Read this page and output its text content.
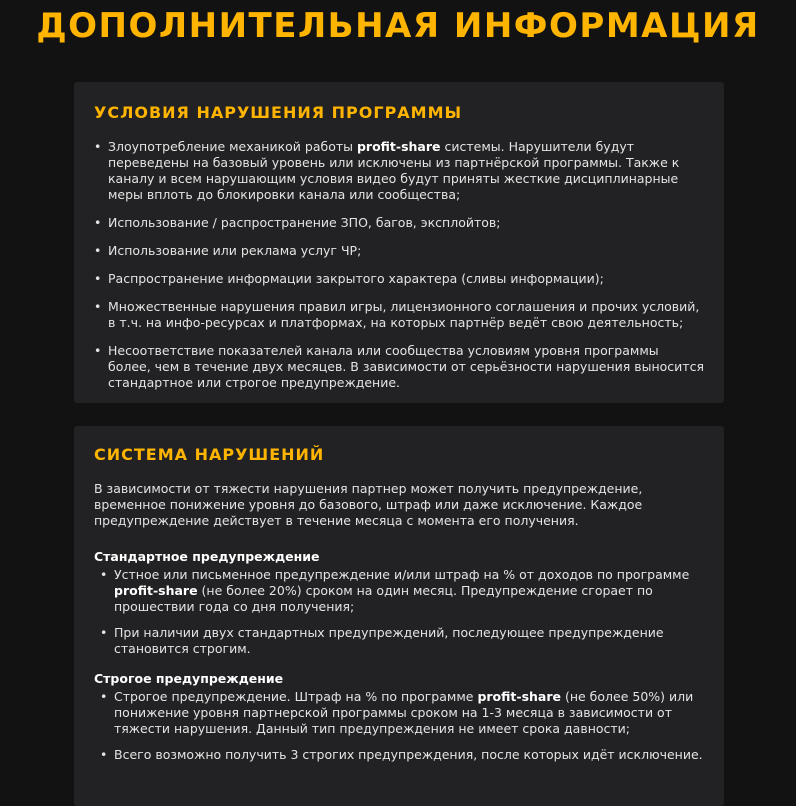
ДОПОЛНИТЕЛЬНАЯ ИНФОРМАЦИЯ
УСЛОВИЯ НАРУШЕНИЯ ПРОГРАММЫ
• Злоупотребление механикой работы profit-share системы. Нарушители будут переведены на базовый уровень или исключены из партнёрской программы. Также к каналу и всем нарушающим условия видео будут приняты жесткие дисциплинарные меры вплоть до блокировки канала или сообщества;
• Использование / распространение ЗПО, багов, эксплойтов;
• Использование или реклама услуг ЧР;
• Распространение информации закрытого характера (сливы информации);
• Множественные нарушения правил игры, лицензионного соглашения и прочих условий, в т.ч. на инфо-ресурсах и платформах, на которых партнёр ведёт свою деятельность;
• Несоответствие показателей канала или сообщества условиям уровня программы более, чем в течение двух месяцев. В зависимости от серьёзности нарушения выносится стандартное или строгое предупреждение.
СИСТЕМА НАРУШЕНИЙ

В зависимости от тяжести нарушения партнер может получить предупреждение, временное понижение уровня до базового, штраф или даже исключение. Каждое предупреждение действует в течение месяца с момента его получения.

Стандартное предупреждение

• Устное или письменное предупреждение и/или штраф на % от доходов по программе profit-share (не более 20%) сроком на один месяц. Предупреждение сгорает по прошествии года со дня получения;
• При наличии двух стандартных предупреждений, последующее предупреждение становится строгим.

Строгое предупреждение

• Строгое предупреждение. Штраф на % по программе profit-share (не более 50%) или понижение уровня партнерской программы сроком на 1-3 месяца в зависимости от тяжести нарушения. Данный тип предупреждения не имеет срока давности;
• Всего возможно получить 3 строгих предупреждения, после которых идёт исключение.
